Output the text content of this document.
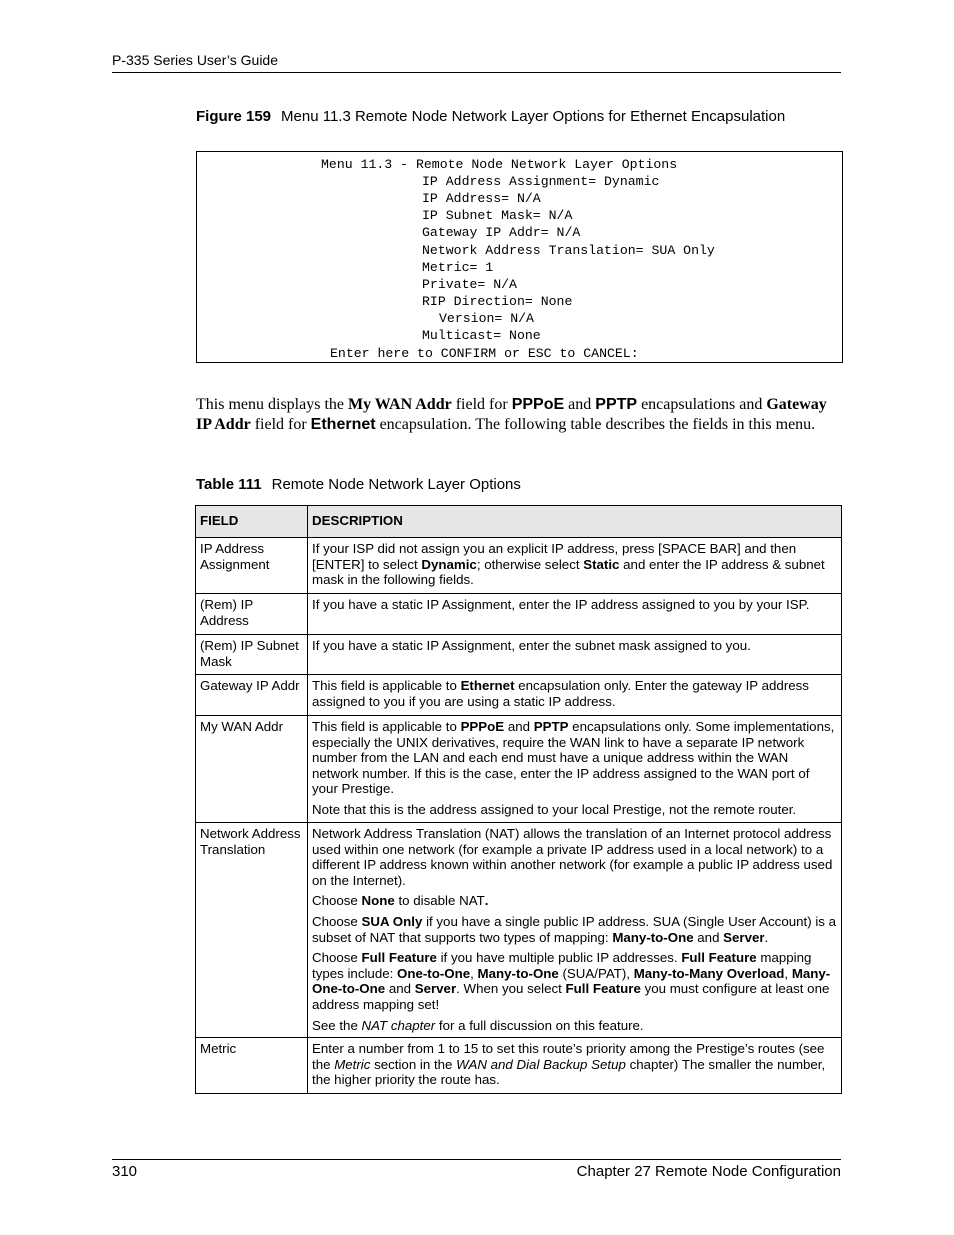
P-335 Series User’s Guide
Figure 159 Menu 11.3 Remote Node Network Layer Options for Ethernet Encapsulation
Menu 11.3 - Remote Node Network Layer Options
IP Address Assignment= Dynamic
IP Address= N/A
IP Subnet Mask= N/A
Gateway IP Addr= N/A
Network Address Translation= SUA Only
Metric= 1
Private= N/A
RIP Direction= None
Version= N/A
Multicast= None
Enter here to CONFIRM or ESC to CANCEL:
This menu displays the My WAN Addr field for PPPoE and PPTP encapsulations and Gateway IP Addr field for Ethernet encapsulation. The following table describes the fields in this menu.
Table 111 Remote Node Network Layer Options
FIELD	DESCRIPTION
IP Address Assignment	If your ISP did not assign you an explicit IP address, press [SPACE BAR] and then [ENTER] to select Dynamic; otherwise select Static and enter the IP address & subnet mask in the following fields.

(Rem) IP Address	If you have a static IP Assignment, enter the IP address assigned to you by your ISP.

(Rem) IP Subnet Mask	If you have a static IP Assignment, enter the subnet mask assigned to you.

Gateway IP Addr	This field is applicable to Ethernet encapsulation only. Enter the gateway IP address assigned to you if you are using a static IP address.

My WAN Addr	This field is applicable to PPPoE and PPTP encapsulations only. Some implementations, especially the UNIX derivatives, require the WAN link to have a separate IP network number from the LAN and each end must have a unique address within the WAN network number. If this is the case, enter the IP address assigned to the WAN port of your Prestige.

Note that this is the address assigned to your local Prestige, not the remote router.

Network Address Translation	Network Address Translation (NAT) allows the translation of an Internet protocol address used within one network (for example a private IP address used in a local network) to a different IP address known within another network (for example a public IP address used on the Internet).

Choose None to disable NAT.

Choose SUA Only if you have a single public IP address. SUA (Single User Account) is a subset of NAT that supports two types of mapping: Many-to-One and Server.

Choose Full Feature if you have multiple public IP addresses. Full Feature mapping types include: One-to-One, Many-to-One (SUA/PAT), Many-to-Many Overload, Many- One-to-One and Server. When you select Full Feature you must configure at least one address mapping set!

See the NAT chapter for a full discussion on this feature.

Metric	Enter a number from 1 to 15 to set this route’s priority among the Prestige’s routes (see the Metric section in the WAN and Dial Backup Setup chapter) The smaller the number, the higher priority the route has.

310	Chapter 27 Remote Node Configuration
